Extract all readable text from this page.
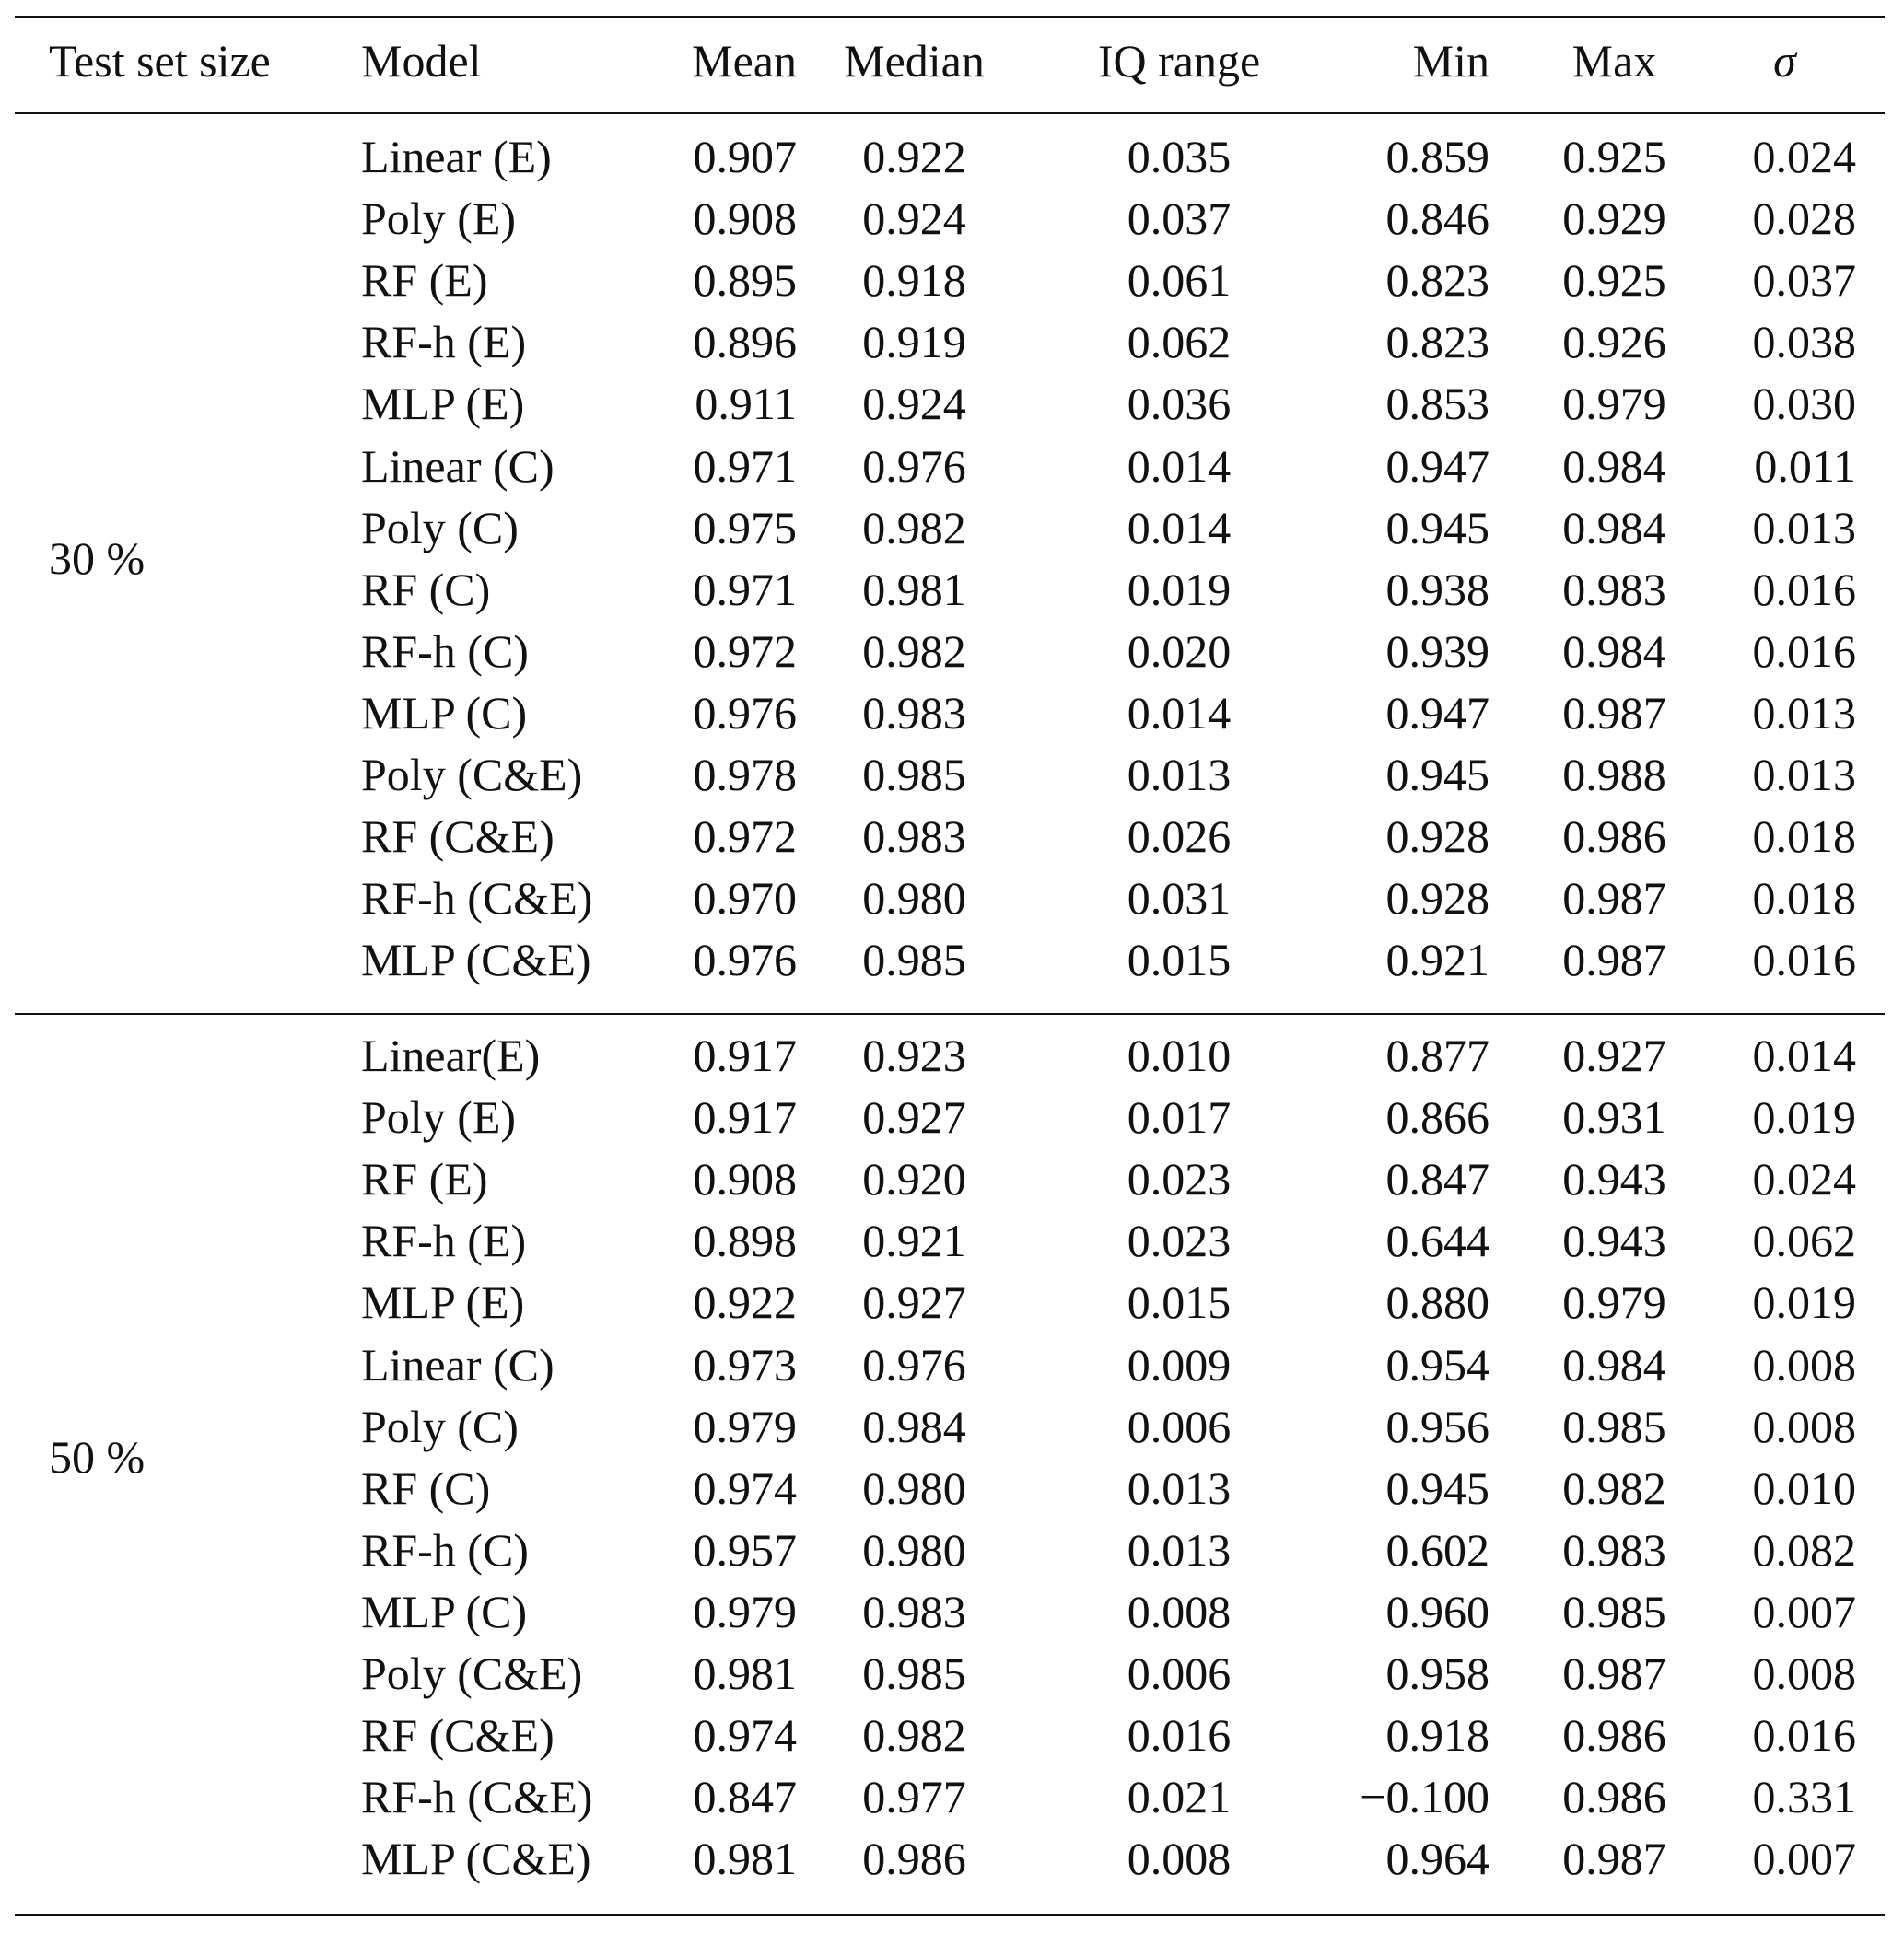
Test set size Model	Mean	Median	IQ range	Min	Max	σ
30 %
Linear (E)	0.907	0.922	0.035	0.859	0.925	0.024
Poly (E)	0.908	0.924	0.037	0.846	0.929	0.028
RF (E)	0.895	0.918	0.061	0.823	0.925	0.037
RF-h (E)	0.896	0.919	0.062	0.823	0.926	0.038
MLP (E)	0.911	0.924	0.036	0.853	0.979	0.030
Linear (C)	0.971	0.976	0.014	0.947	0.984	0.011
Poly (C)	0.975	0.982	0.014	0.945	0.984	0.013
RF (C)	0.971	0.981	0.019	0.938	0.983	0.016
RF-h (C)	0.972	0.982	0.020	0.939	0.984	0.016
MLP (C)	0.976	0.983	0.014	0.947	0.987	0.013
Poly (C&E) 0.978	0.985	0.013	0.945	0.988	0.013
RF (C&E)	0.972	0.983	0.026	0.928	0.986	0.018
RF-h (C&E) 0.970	0.980	0.031	0.928	0.987	0.018
MLP (C&E) 0.976	0.985	0.015	0.921	0.987	0.016
50 %
Linear(E)	0.917	0.923	0.010	0.877	0.927	0.014
Poly (E)	0.917	0.927	0.017	0.866	0.931	0.019
RF (E)	0.908	0.920	0.023	0.847	0.943	0.024
RF-h (E)	0.898	0.921	0.023	0.644	0.943	0.062
MLP (E)	0.922	0.927	0.015	0.880	0.979	0.019
Linear (C)	0.973	0.976	0.009	0.954	0.984	0.008
Poly (C)	0.979	0.984	0.006	0.956	0.985	0.008
RF (C)	0.974	0.980	0.013	0.945	0.982	0.010
RF-h (C)	0.957	0.980	0.013	0.602	0.983	0.082
MLP (C)	0.979	0.983	0.008	0.960	0.985	0.007
Poly (C&E) 0.981	0.985	0.006	0.958	0.987	0.008
RF (C&E)	0.974	0.982	0.016	0.918	0.986	0.016
RF-h (C&E) 0.847	0.977	0.021	−0.100	0.986	0.331
MLP (C&E) 0.981	0.986	0.008	0.964	0.987	0.007
